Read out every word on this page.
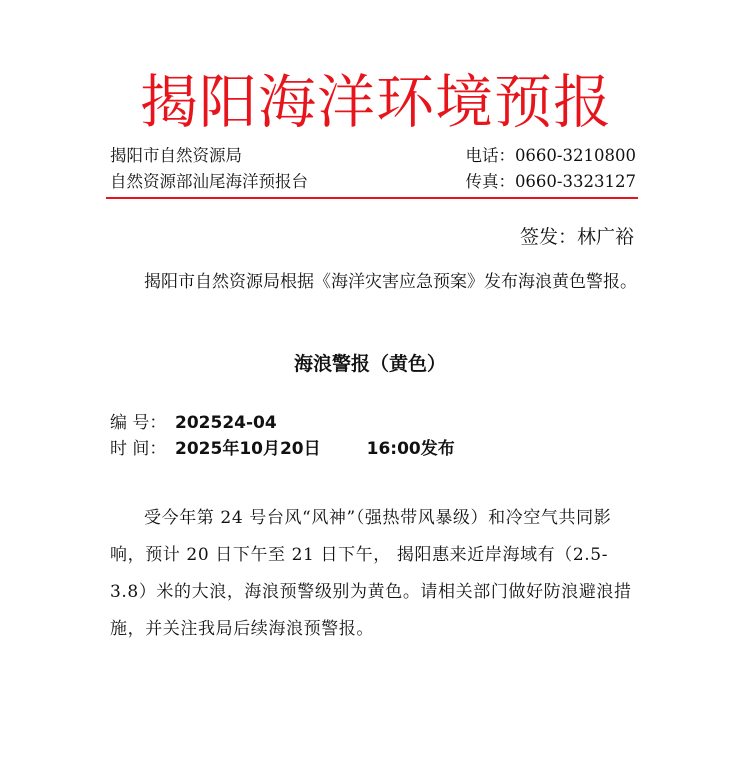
揭阳海洋环境预报
揭阳市自然资源局
自然资源部汕尾海洋预报台
电话：0660-3210800
传真：0660-3323127
签发：林广裕
揭阳市自然资源局根据《海洋灾害应急预案》发布海浪黄色警报。
海浪警报（黄色）
编 号： 202524-04
时 间： 2025年10月20日	16:00发布
受今年第 24 号台风“风神”（强热带风暴级）和冷空气共同影响，预计 20 日下午至 21 日下午， 揭阳惠来近岸海域有（2.5-3.8）米的大浪，海浪预警级别为黄色。请相关部门做好防浪避浪措施，并关注我局后续海浪预警报。
